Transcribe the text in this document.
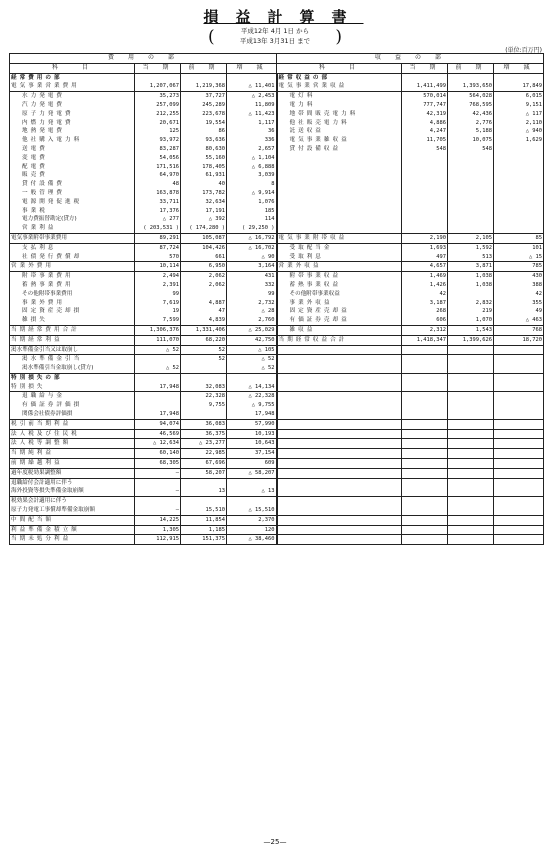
損益計算書
(	平成12年 4月 1日 から
平成13年 3月31日 まで	)
(単位:百万円)
費　用　の　部				収　益　の　部			
科　　目	当　期	前　期	増　減	科　　目	当　期	前　期	増　減
経常費用の部				経常収益の部			
電気事業営業費用	1,207,067	1,219,368	△ 11,401	電気事業営業収益	1,411,499	1,393,650	17,849
水力発電費	35,273	37,727	△ 2,453	電灯料	570,014	564,028	6,015
汽力発電費	257,099	245,289	11,809	電力料	777,747	768,595	9,151
原子力発電費	212,255	223,678	△ 11,423	地帯間販売電力料	42,319	42,436	△ 117
内燃力発電費	20,671	19,554	1,117	他社販売電力料	4,886	2,776	2,110
地熱発電費	125	86	36	託送収益	4,247	5,188	△ 940
他社購入電力料	93,972	93,636	336	電気事業雑収益	11,705	10,075	1,629
送電費	83,287	80,630	2,657	貸付設備収益	548	548	
変電費	54,056	55,160	△ 1,104				
配電費	171,516	178,405	△ 6,888				
販売費	64,970	61,931	3,039				
貸付設備費	48	40	8				
一般管理費	163,878	173,782	△ 9,914				
電源開発促進税	33,711	32,634	1,076				
事業税	17,376	17,191	185				
電力費振替勘定(貸方)	△ 277	△ 392	114				
営業利益	( 203,531 )	( 174,280 )	( 29,250 )				
電気事業附帯事業費用	89,291	105,087	△ 16,792	電気事業附帯収益	2,190	2,105	85
支払利息	87,724	104,426	△ 16,702	受取配当金	1,693	1,592	101
社債発行費償却	570	661	△ 90	受取利息	497	513	△ 15
営業外費用	10,114	6,950	3,164	営業外収益	4,657	3,871	785
附帯事業費用	2,494	2,062	431	附帯事業収益	1,469	1,038	430
蓄熱事業費用	2,391	2,062	332	蓄熱事業収益	1,426	1,038	388
その他附帯事業費用	99		99	その他附帯事業収益	42		42
事業外費用	7,619	4,887	2,732	事業外収益	3,187	2,832	355
固定資産売却損	19	47	△ 28	固定資産売却益	268	219	49
雑損失	7,599	4,839	2,760	有価証券売却益	606	1,070	△ 463
当期経常費用合計	1,306,376	1,331,406	△ 25,029	雑収益	2,312	1,543	768
当期経常利益	111,070	68,220	42,750	当期経常収益合計	1,418,347	1,399,626	18,720
渇水準備金引当又は取崩し	△ 52	52	△ 105				
渇水準備金引当		52	△ 52				
渇水準備引当金取崩し(貸方)	△ 52		△ 52				
特別損失の部							
特別損失	17,948	32,083	△ 14,134				
退職給与金		22,328	△ 22,328				
有価証券評価損		9,755	△ 9,755				
関係会社債券評価損	17,948		17,948				
税引前当期利益	94,074	36,083	57,990				
法人税及び住民税	46,569	36,375	10,193				
法人税等調整額	△ 12,634	△ 23,277	10,643				
当期純利益	60,140	22,985	37,154				
前期繰越利益	68,305	67,696	609				
過年度税効果調整額	—	58,207	△ 58,207				
退職給付会計適用に伴う							
海外投資等損失準備金取崩額	—	13	△ 13				
税効果会計適用に伴う							
原子力発電工事償却準備金取崩額	—	15,510	△ 15,510				
中間配当額	14,225	11,854	2,370				
利益準備金積立額	1,305	1,185	120				
当期未処分利益	112,915	151,375	△ 38,460				
—25—
